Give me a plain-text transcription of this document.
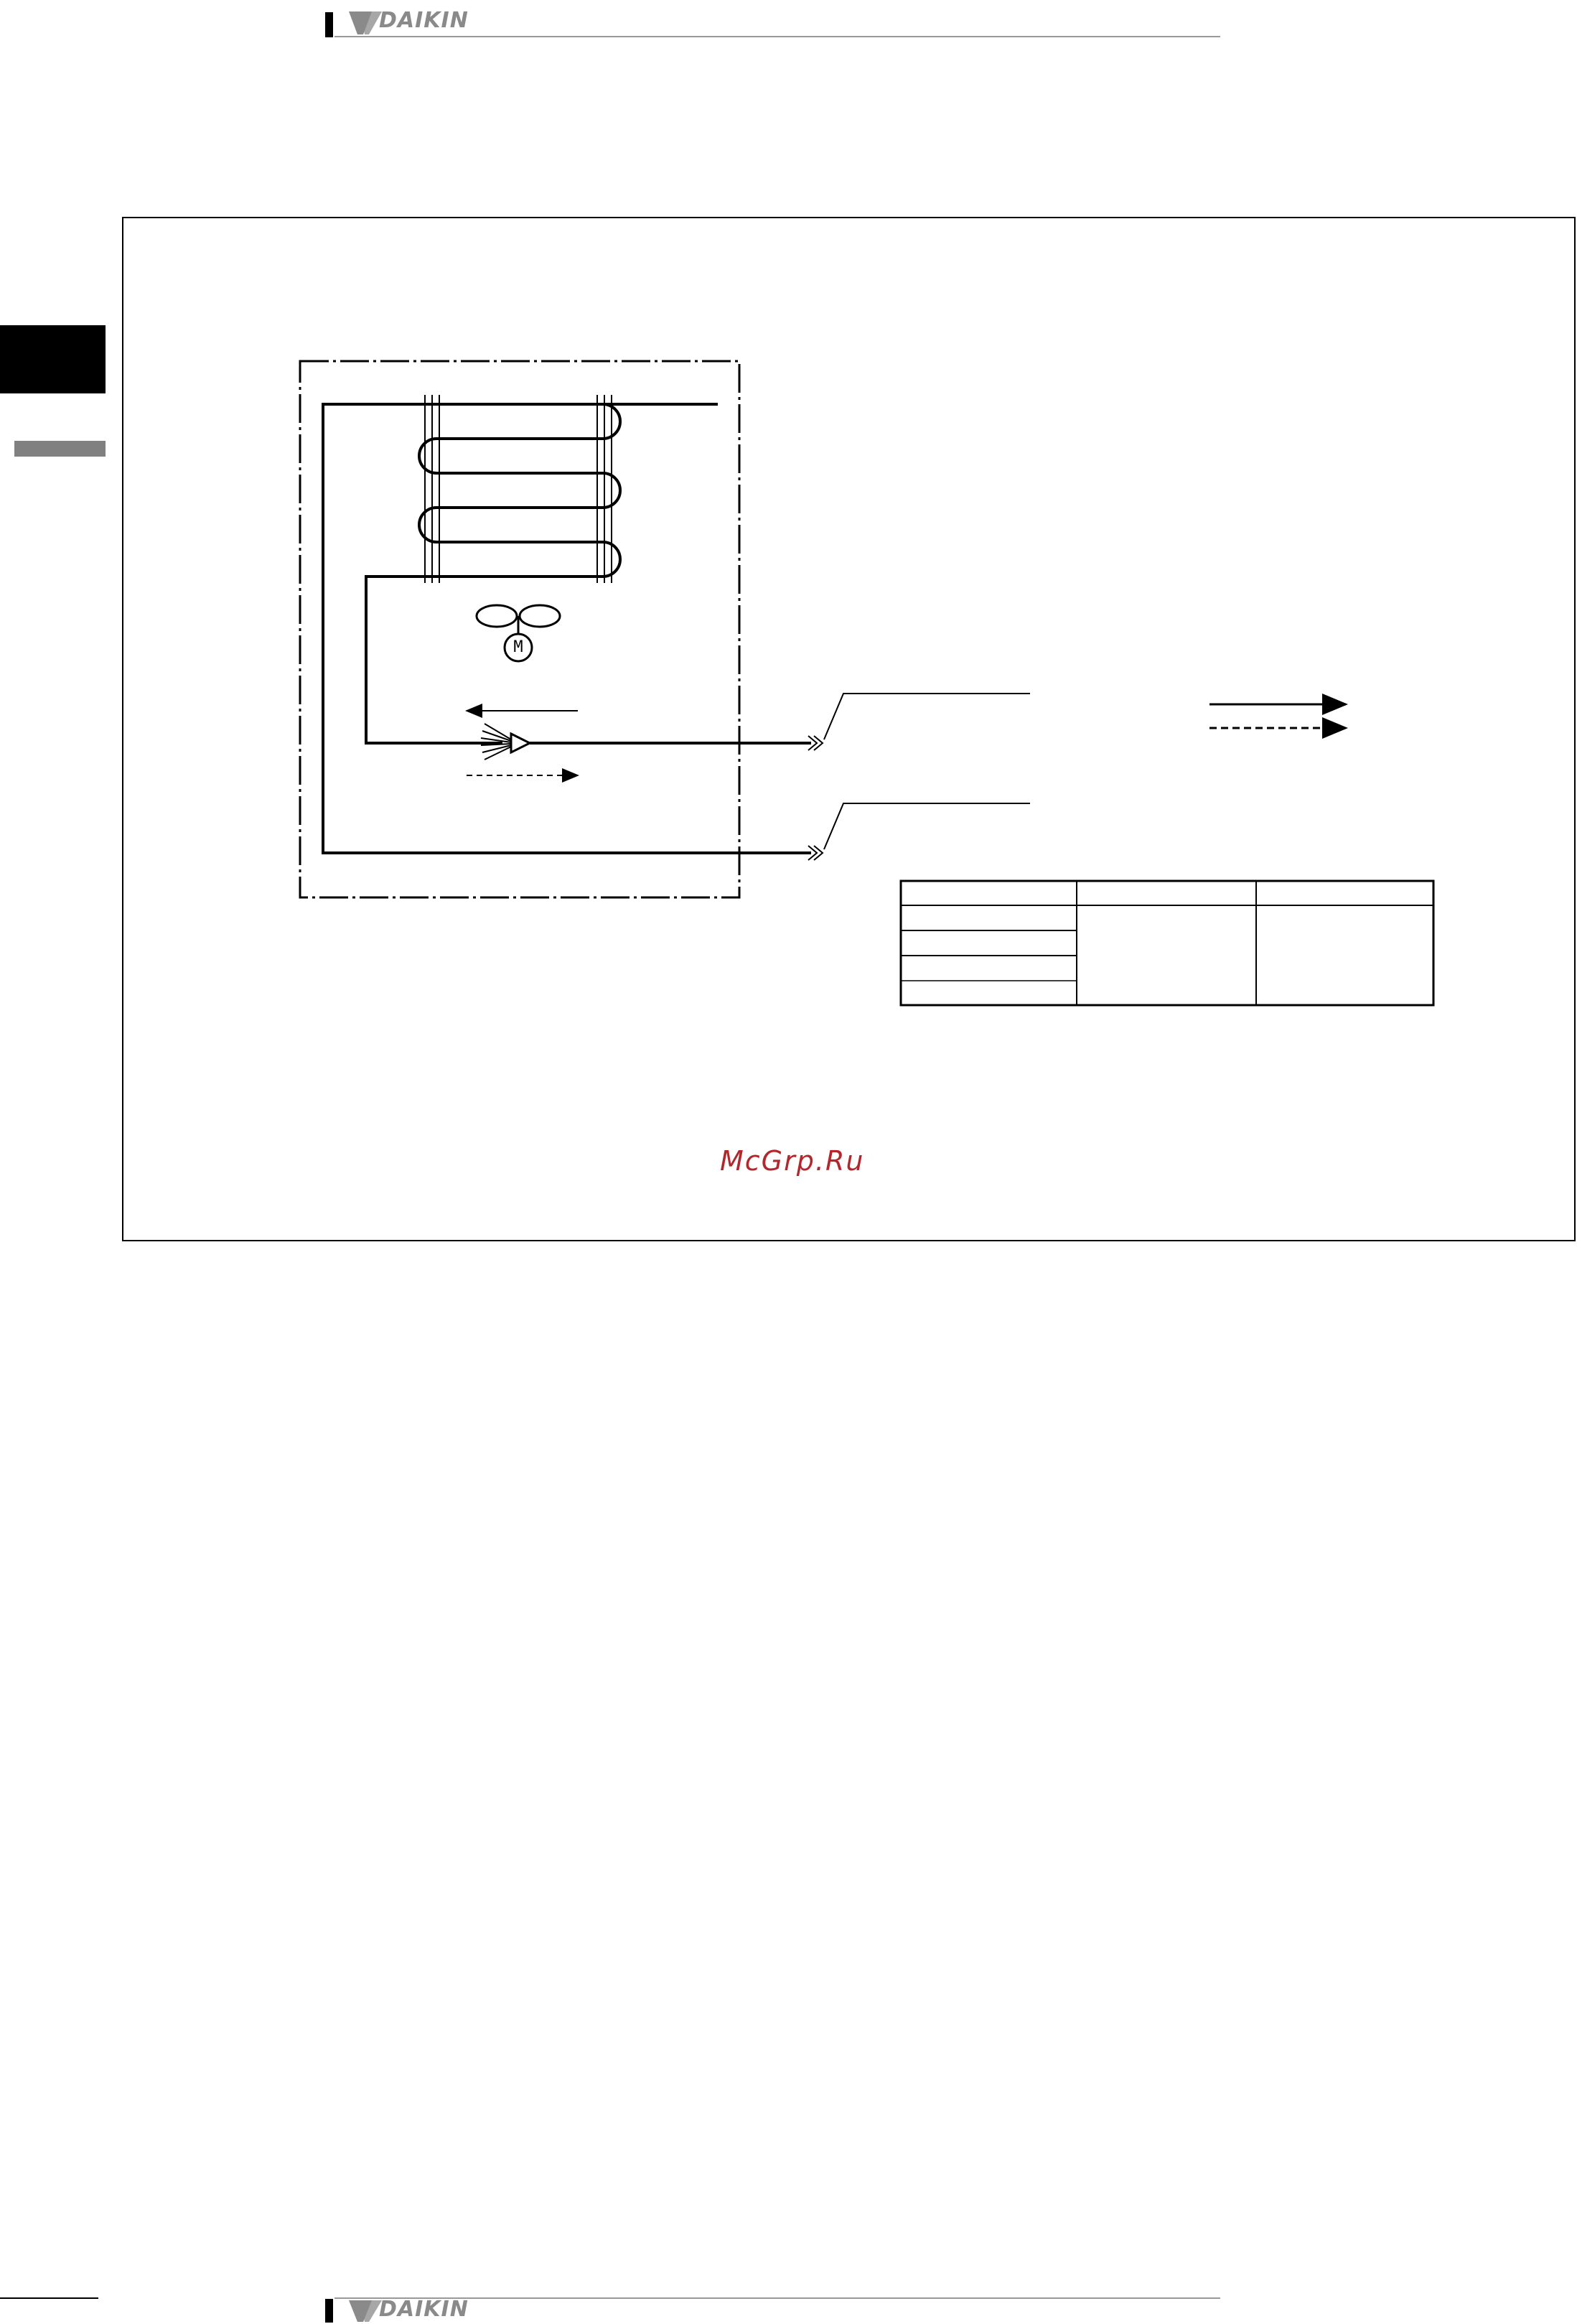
DAIKIN
M
McGrp.Ru
DAIKIN
